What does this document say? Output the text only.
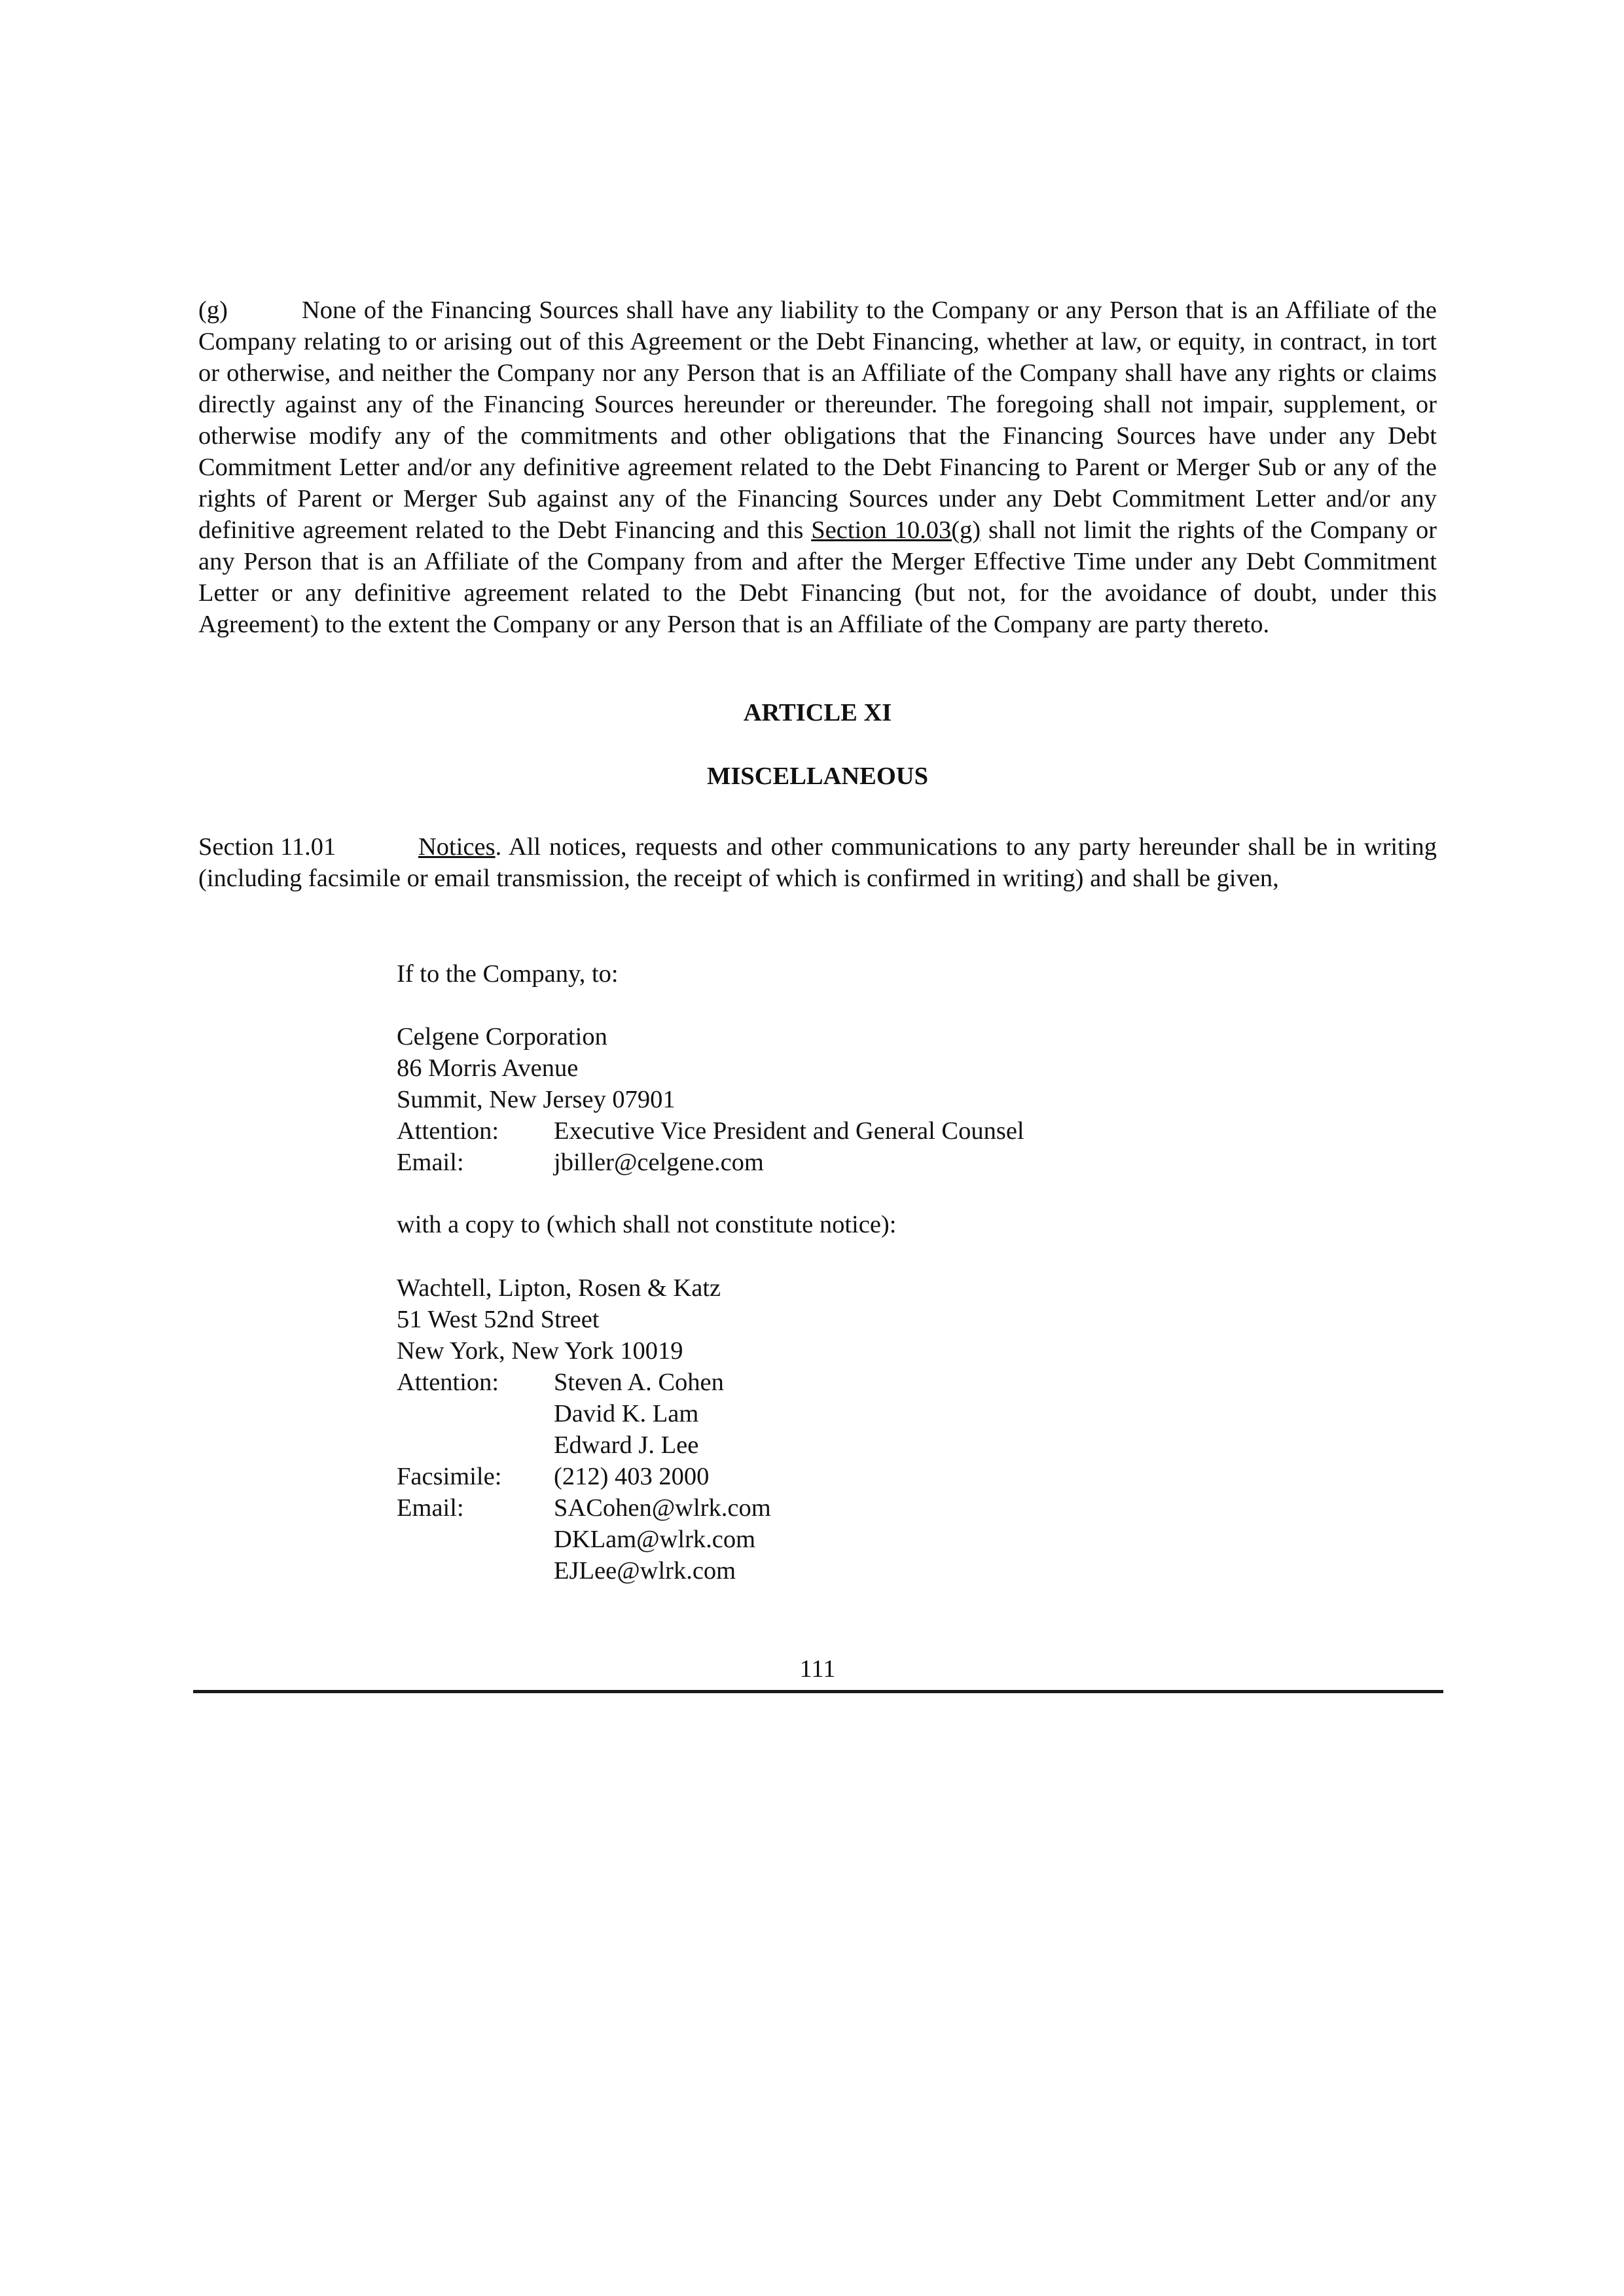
(g)	None of the Financing Sources shall have any liability to the Company or any Person that is an Affiliate of the Company relating to or arising out of this Agreement or the Debt Financing, whether at law, or equity, in contract, in tort or otherwise, and neither the Company nor any Person that is an Affiliate of the Company shall have any rights or claims directly against any of the Financing Sources hereunder or thereunder. The foregoing shall not impair, supplement, or otherwise modify any of the commitments and other obligations that the Financing Sources have under any Debt Commitment Letter and/or any definitive agreement related to the Debt Financing to Parent or Merger Sub or any of the rights of Parent or Merger Sub against any of the Financing Sources under any Debt Commitment Letter and/or any definitive agreement related to the Debt Financing and this Section 10.03(g) shall not limit the rights of the Company or any Person that is an Affiliate of the Company from and after the Merger Effective Time under any Debt Commitment Letter or any definitive agreement related to the Debt Financing (but not, for the avoidance of doubt, under this Agreement) to the extent the Company or any Person that is an Affiliate of the Company are party thereto.

ARTICLE XI

MISCELLANEOUS

Section 11.01	Notices. All notices, requests and other communications to any party hereunder shall be in writing (including facsimile or email transmission, the receipt of which is confirmed in writing) and shall be given,

If to the Company, to:

Celgene Corporation
86 Morris Avenue
Summit, New Jersey 07901
Attention: Executive Vice President and General Counsel
Email:	jbiller@celgene.com

with a copy to (which shall not constitute notice):

Wachtell, Lipton, Rosen & Katz
51 West 52nd Street
New York, New York 10019
Attention: Steven A. Cohen
David K. Lam
Edward J. Lee
Facsimile: (212) 403 2000
Email:	SACohen@wlrk.com
DKLam@wlrk.com
EJLee@wlrk.com
111
